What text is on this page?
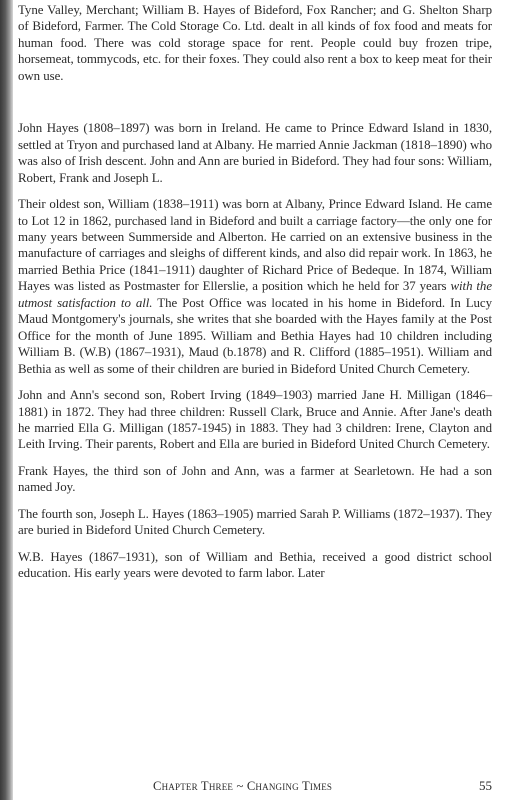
Tyne Valley, Merchant; William B. Hayes of Bideford, Fox Rancher; and G. Shelton Sharp of Bideford, Farmer. The Cold Storage Co. Ltd. dealt in all kinds of fox food and meats for human food. There was cold storage space for rent. People could buy frozen tripe, horsemeat, tommycods, etc. for their foxes. They could also rent a box to keep meat for their own use.

John Hayes (1808–1897) was born in Ireland. He came to Prince Edward Island in 1830, settled at Tryon and purchased land at Albany. He married Annie Jackman (1818–1890) who was also of Irish descent. John and Ann are buried in Bideford. They had four sons: William, Robert, Frank and Joseph L.

Their oldest son, William (1838–1911) was born at Albany, Prince Edward Island. He came to Lot 12 in 1862, purchased land in Bideford and built a carriage factory—the only one for many years between Summerside and Alberton. He carried on an extensive business in the manufacture of carriages and sleighs of different kinds, and also did repair work. In 1863, he married Bethia Price (1841–1911) daughter of Richard Price of Bedeque. In 1874, William Hayes was listed as Postmaster for Ellerslie, a position which he held for 37 years with the utmost satisfaction to all. The Post Office was located in his home in Bideford. In Lucy Maud Montgomery's journals, she writes that she boarded with the Hayes family at the Post Office for the month of June 1895. William and Bethia Hayes had 10 children including William B. (W.B) (1867–1931), Maud (b.1878) and R. Clifford (1885–1951). William and Bethia as well as some of their children are buried in Bideford United Church Cemetery.

John and Ann's second son, Robert Irving (1849–1903) married Jane H. Milligan (1846–1881) in 1872. They had three children: Russell Clark, Bruce and Annie. After Jane's death he married Ella G. Milligan (1857-1945) in 1883. They had 3 children: Irene, Clayton and Leith Irving. Their parents, Robert and Ella are buried in Bideford United Church Cemetery.

Frank Hayes, the third son of John and Ann, was a farmer at Searletown. He had a son named Joy.

The fourth son, Joseph L. Hayes (1863–1905) married Sarah P. Williams (1872–1937). They are buried in Bideford United Church Cemetery.

W.B. Hayes (1867–1931), son of William and Bethia, received a good district school education. His early years were devoted to farm labor. Later

Chapter Three ~ Changing Times	55
